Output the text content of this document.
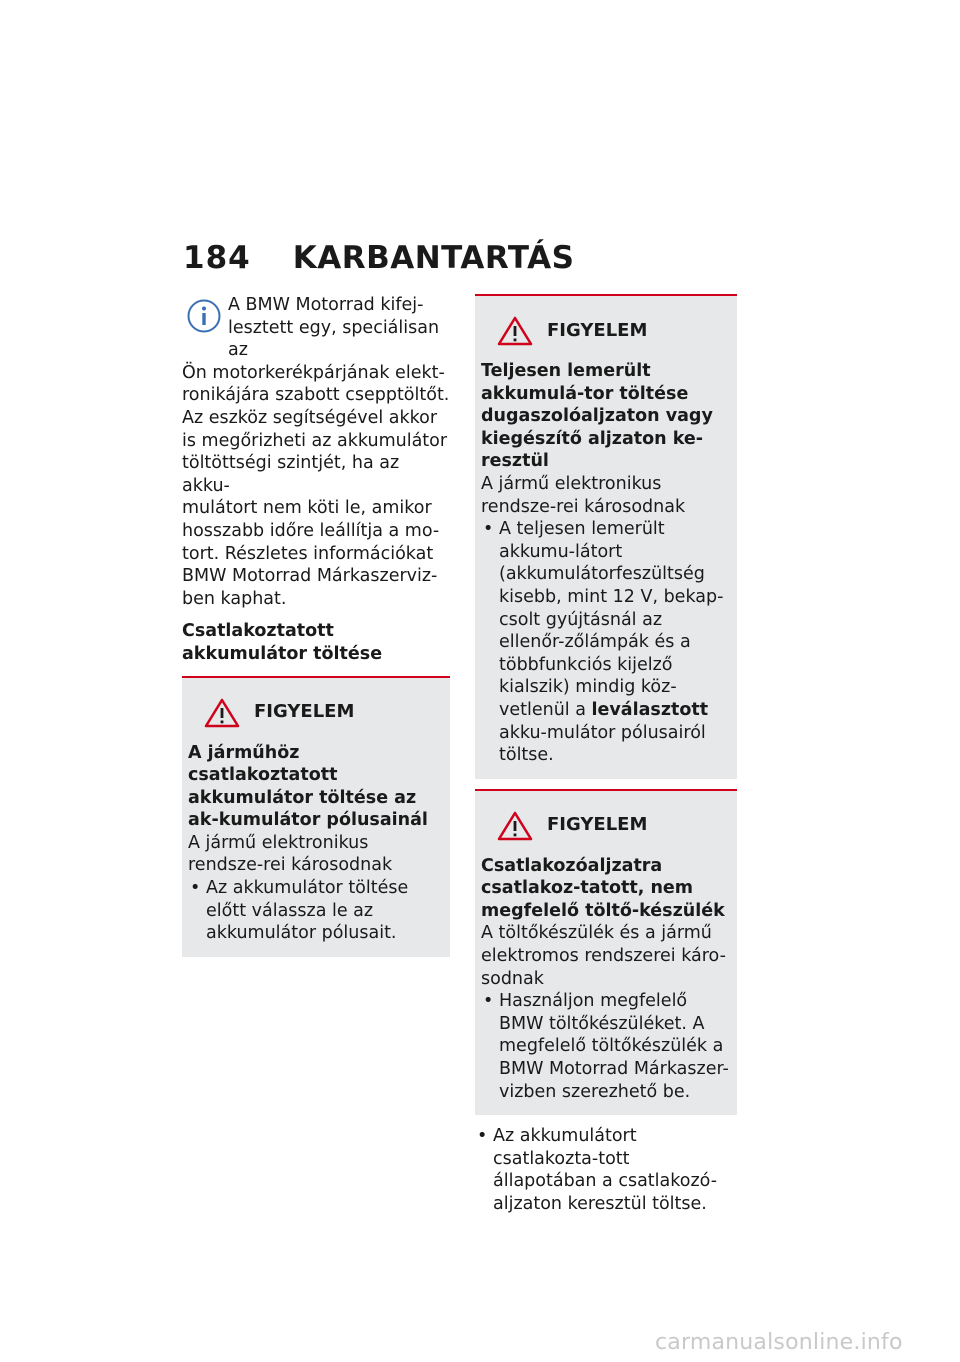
184 KARBANTARTÁS
A BMW Motorrad kifej-
lesztett egy, speciálisan az
Ön motorkerékpárjának elekt-
ronikájára szabott csepptöltőt.
Az eszköz segítségével akkor
is megőrizheti az akkumulátor
töltöttségi szintjét, ha az akku-
mulátort nem köti le, amikor
hosszabb időre leállítja a mo-
tort. Részletes információkat
BMW Motorrad Márkaszerviz-
ben kaphat.
Csatlakoztatott akkumulátor töltése
FIGYELEM
A járműhöz csatlakoztatott akkumulátor töltése az ak-kumulátor pólusainál
A jármű elektronikus rendsze-rei károsodnak
• Az akkumulátor töltése előtt válassza le az akkumulátor pólusait.
FIGYELEM
Teljesen lemerült akkumulá-tor töltése dugaszolóaljzaton vagy kiegészítő aljzaton ke-resztül
A jármű elektronikus rendsze-rei károsodnak
• A teljesen lemerült akkumu-látort (akkumulátorfeszültség kisebb, mint 12 V, bekap-csolt gyújtásnál az ellenőr-zőlámpák és a többfunkciós kijelző kialszik) mindig köz-vetlenül a leválasztott akku-mulátor pólusairól töltse.
FIGYELEM
Csatlakozóaljzatra csatlakoz-tatott, nem megfelelő töltő-készülék
A töltőkészülék és a jármű elektromos rendszerei káro-sodnak
• Használjon megfelelő BMW töltőkészüléket. A megfelelő töltőkészülék a BMW Motorrad Márkaszer-vizben szerezhető be.
• Az akkumulátort csatlakozta-tott állapotában a csatlakozó-aljzaton keresztül töltse.
carmanualsonline.info
